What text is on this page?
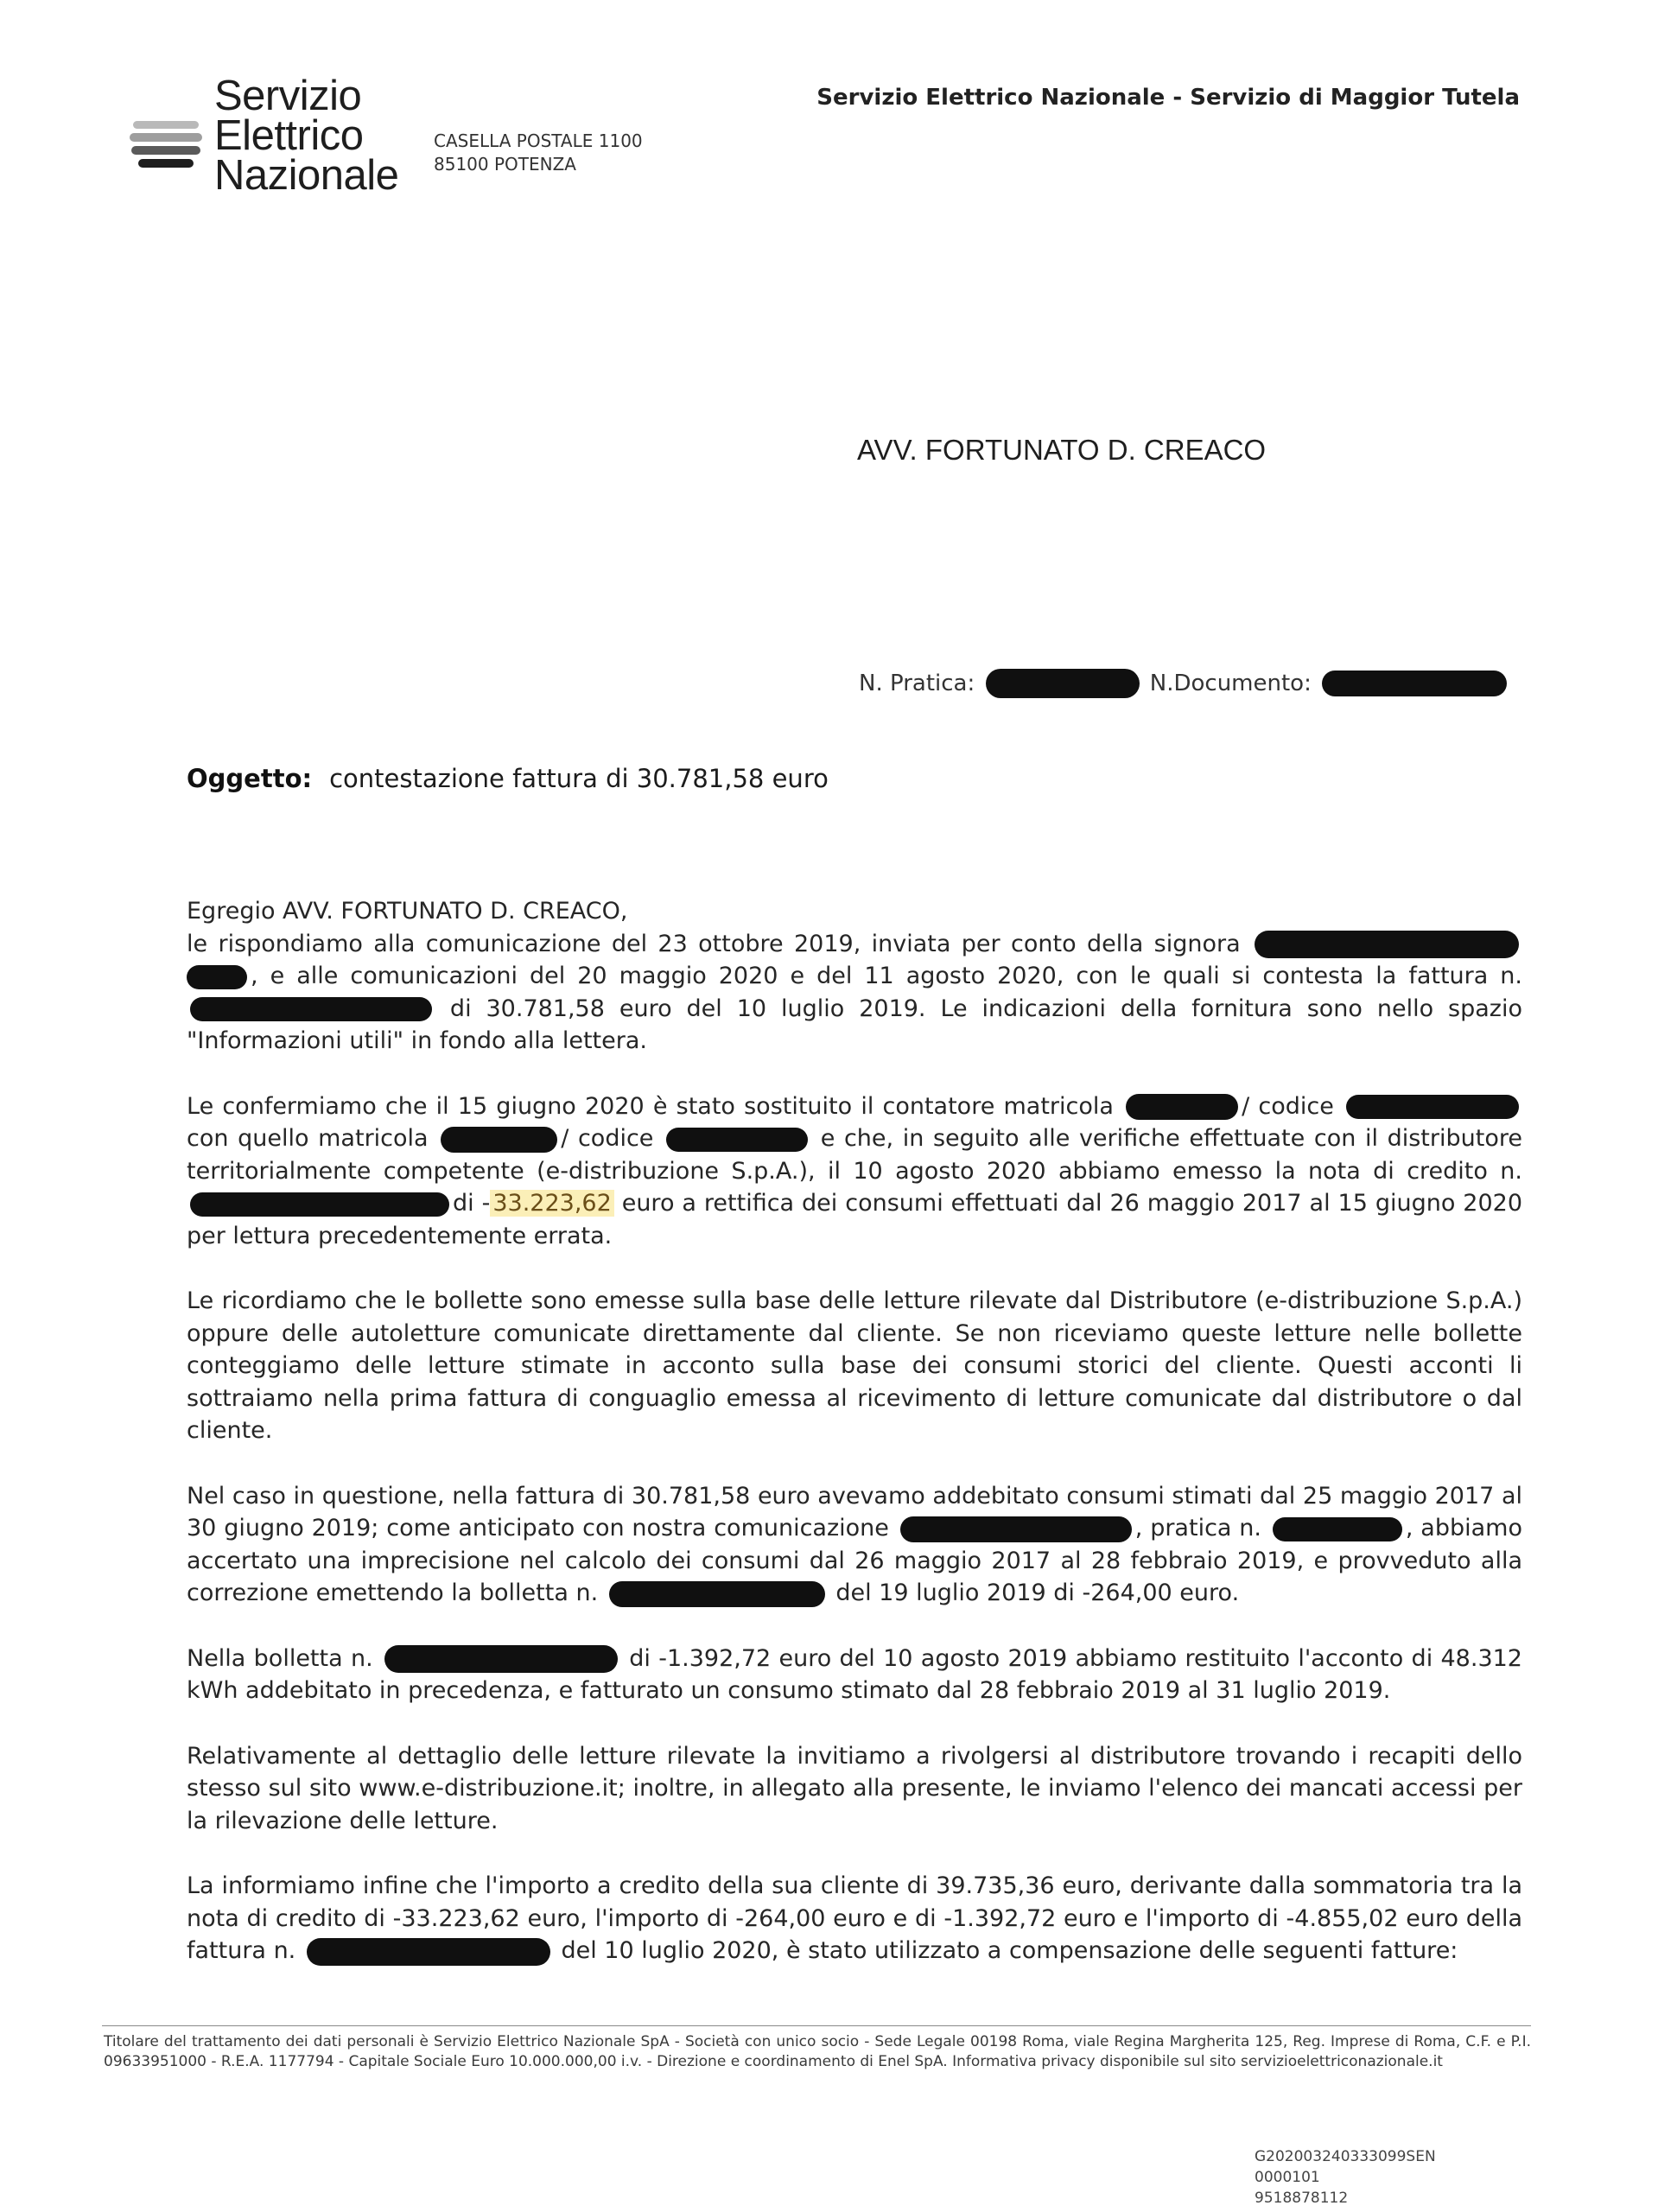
Servizio
Elettrico
Nazionale
CASELLA POSTALE 1100
85100 POTENZA
Servizio Elettrico Nazionale - Servizio di Maggior Tutela
AVV. FORTUNATO D. CREACO
N. Pratica:	N.Documento:
Oggetto: contestazione fattura di 30.781,58 euro

Egregio AVV. FORTUNATO D. CREACO,

le rispondiamo alla comunicazione del 23 ottobre 2019, inviata per conto della signora , e alle comunicazioni del 20 maggio 2020 e del 11 agosto 2020, con le quali si contesta la fattura n.  di 30.781,58 euro del 10 luglio 2019. Le indicazioni della fornitura sono nello spazio "Informazioni utili" in fondo alla lettera.

Le confermiamo che il 15 giugno 2020 è stato sostituito il contatore matricola	/ codice  con quello matricola	/ codice	e che, in seguito alle verifiche effettuate con il distributore territorialmente competente (e-distribuzione S.p.A.), il 10 agosto 2020 abbiamo emesso la nota di credito n. di - 33.223,62 euro a rettifica dei consumi effettuati dal 26 maggio 2017 al 15 giugno 2020 per lettura precedentemente errata.

Le ricordiamo che le bollette sono emesse sulla base delle letture rilevate dal Distributore (e-distribuzione S.p.A.) oppure delle autoletture comunicate direttamente dal cliente. Se non riceviamo queste letture nelle bollette conteggiamo delle letture stimate in acconto sulla base dei consumi storici del cliente. Questi acconti li sottraiamo nella prima fattura di conguaglio emessa al ricevimento di letture comunicate dal distributore o dal cliente.

Nel caso in questione, nella fattura di 30.781,58 euro avevamo addebitato consumi stimati dal 25 maggio 2017 al 30 giugno 2019; come anticipato con nostra comunicazione	, pratica n.	, abbiamo accertato una imprecisione nel calcolo dei consumi dal 26 maggio 2017 al 28 febbraio 2019, e provveduto alla correzione emettendo la bolletta n.	del 19 luglio 2019 di -264,00 euro.

Nella bolletta n.	di -1.392,72 euro del 10 agosto 2019 abbiamo restituito l'acconto di 48.312 kWh addebitato in precedenza, e fatturato un consumo stimato dal 28 febbraio 2019 al 31 luglio 2019.

Relativamente al dettaglio delle letture rilevate la invitiamo a rivolgersi al distributore trovando i recapiti dello stesso sul sito www.e-distribuzione.it; inoltre, in allegato alla presente, le inviamo l'elenco dei mancati accessi per la rilevazione delle letture.

La informiamo infine che l'importo a credito della sua cliente di 39.735,36 euro, derivante dalla sommatoria tra la nota di credito di -33.223,62 euro, l'importo di -264,00 euro e di -1.392,72 euro e l'importo di -4.855,02 euro della fattura n.	del 10 luglio 2020, è stato utilizzato a compensazione delle seguenti fatture:

Titolare del trattamento dei dati personali è Servizio Elettrico Nazionale SpA - Società con unico socio - Sede Legale 00198 Roma, viale Regina Margherita 125, Reg. Imprese di Roma, C.F. e P.I. 09633951000 - R.E.A. 1177794 - Capitale Sociale Euro 10.000.000,00 i.v. - Direzione e coordinamento di Enel SpA. Informativa privacy disponibile sul sito servizioelettriconazionale.it
G202003240333099SEN
0000101
9518878112
